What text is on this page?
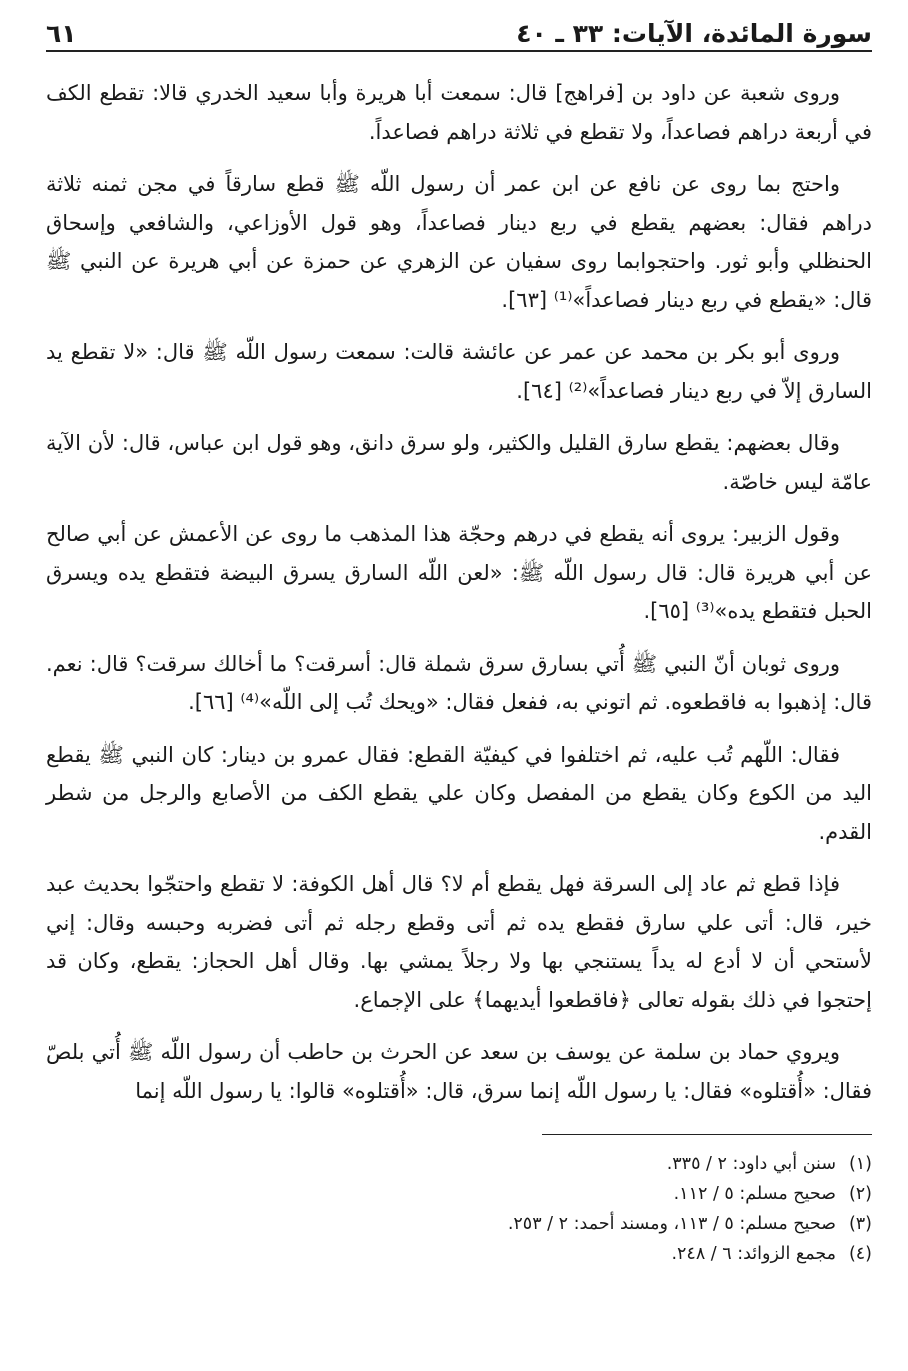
سورة المائدة، الآيات: ٣٣ ـ ٤٠
٦١

وروى شعبة عن داود بن [فراهج] قال: سمعت أبا هريرة وأبا سعيد الخدري قالا: تقطع الكف في أربعة دراهم فصاعداً، ولا تقطع في ثلاثة دراهم فصاعداً.

واحتج بما روى عن نافع عن ابن عمر أن رسول اللّه ﷺ قطع سارقاً في مجن ثمنه ثلاثة دراهم فقال: بعضهم يقطع في ربع دينار فصاعداً، وهو قول الأوزاعي، والشافعي وإسحاق الحنظلي وأبو ثور. واحتجوابما روى سفيان عن الزهري عن حمزة عن أبي هريرة عن النبي ﷺ قال: «يقطع في ربع دينار فصاعداً»⁽¹⁾ [٦٣].

وروى أبو بكر بن محمد عن عمر عن عائشة قالت: سمعت رسول اللّه ﷺ قال: «لا تقطع يد السارق إلاّ في ربع دينار فصاعداً»⁽²⁾ [٦٤].

وقال بعضهم: يقطع سارق القليل والكثير، ولو سرق دانق، وهو قول ابن عباس، قال: لأن الآية عامّة ليس خاصّة.

وقول الزبير: يروى أنه يقطع في درهم وحجّة هذا المذهب ما روى عن الأعمش عن أبي صالح عن أبي هريرة قال: قال رسول اللّه ﷺ: «لعن اللّه السارق يسرق البيضة فتقطع يده ويسرق الحبل فتقطع يده»⁽³⁾ [٦٥].

وروى ثوبان أنّ النبي ﷺ أُتي بسارق سرق شملة قال: أسرقت؟ ما أخالك سرقت؟ قال: نعم. قال: إذهبوا به فاقطعوه. ثم اتوني به، ففعل فقال: «ويحك تُب إلى اللّه»⁽⁴⁾ [٦٦].

فقال: اللّهم تُب عليه، ثم اختلفوا في كيفيّة القطع: فقال عمرو بن دينار: كان النبي ﷺ يقطع اليد من الكوع وكان يقطع من المفصل وكان علي يقطع الكف من الأصابع والرجل من شطر القدم.

فإذا قطع ثم عاد إلى السرقة فهل يقطع أم لا؟ قال أهل الكوفة: لا تقطع واحتجّوا بحديث عبد خير، قال: أتى علي سارق فقطع يده ثم أتى وقطع رجله ثم أتى فضربه وحبسه وقال: إني لأستحي أن لا أدع له يداً يستنجي بها ولا رجلاً يمشي بها. وقال أهل الحجاز: يقطع، وكان قد إحتجوا في ذلك بقوله تعالى ﴿فاقطعوا أيديهما﴾ على الإجماع.

ويروي حماد بن سلمة عن يوسف بن سعد عن الحرث بن حاطب أن رسول اللّه ﷺ أُتي بلصّ فقال: «أُقتلوه» فقال: يا رسول اللّه إنما سرق، قال: «أُقتلوه» قالوا: يا رسول اللّه إنما

(١)
سنن أبي داود: ٢ / ٣٣٥.
(٢)
صحيح مسلم: ٥ / ١١٢.
(٣)
صحيح مسلم: ٥ / ١١٣، ومسند أحمد: ٢ / ٢٥٣.
(٤)
مجمع الزوائد: ٦ / ٢٤٨.
